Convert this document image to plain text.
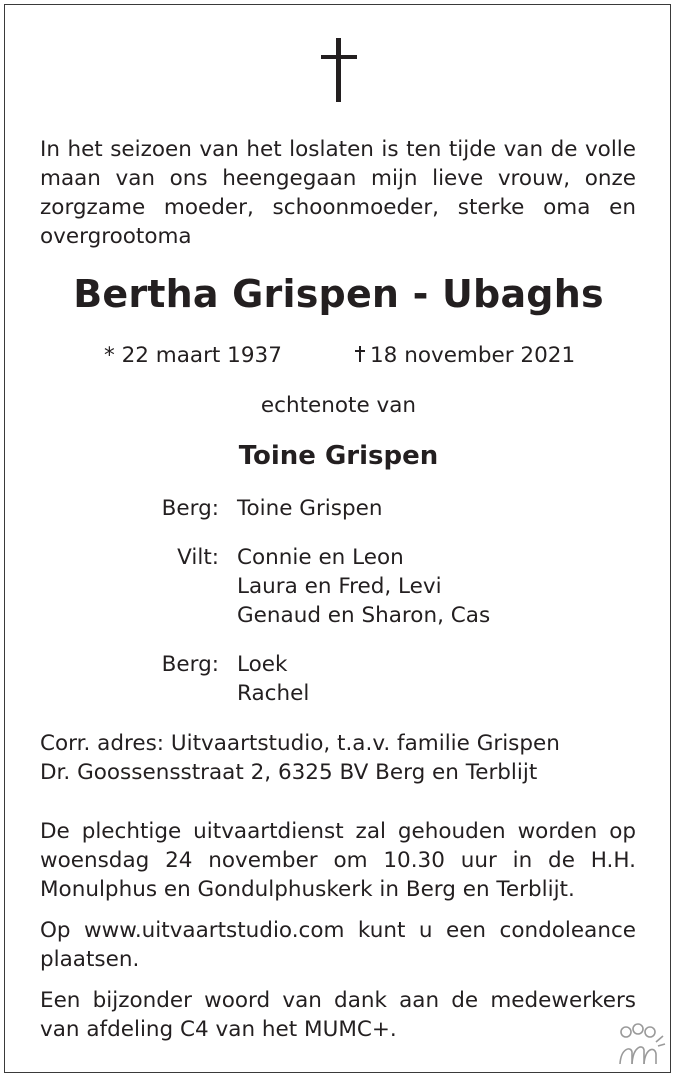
In het seizoen van het loslaten is ten tijde van de volle maan van ons heengegaan mijn lieve vrouw, onze zorgzame moeder, schoonmoeder, sterke oma en overgrootoma

Bertha Grispen - Ubaghs
* 22 maart 1937	18 november 2021
echtenote van
Toine Grispen
Berg: Toine Grispen
Vilt: Connie en Leon
Laura en Fred, Levi
Genaud en Sharon, Cas
Berg: Loek
Rachel
Corr. adres: Uitvaartstudio, t.a.v. familie Grispen
Dr. Goossensstraat 2, 6325 BV Berg en Terblijt

De plechtige uitvaartdienst zal gehouden worden op woensdag 24 november om 10.30 uur in de H.H. Monulphus en Gondulphuskerk in Berg en Terblijt.

Op www.uitvaartstudio.com kunt u een condoleance plaatsen.

Een bijzonder woord van dank aan de medewerkers van afdeling C4 van het MUMC+.
